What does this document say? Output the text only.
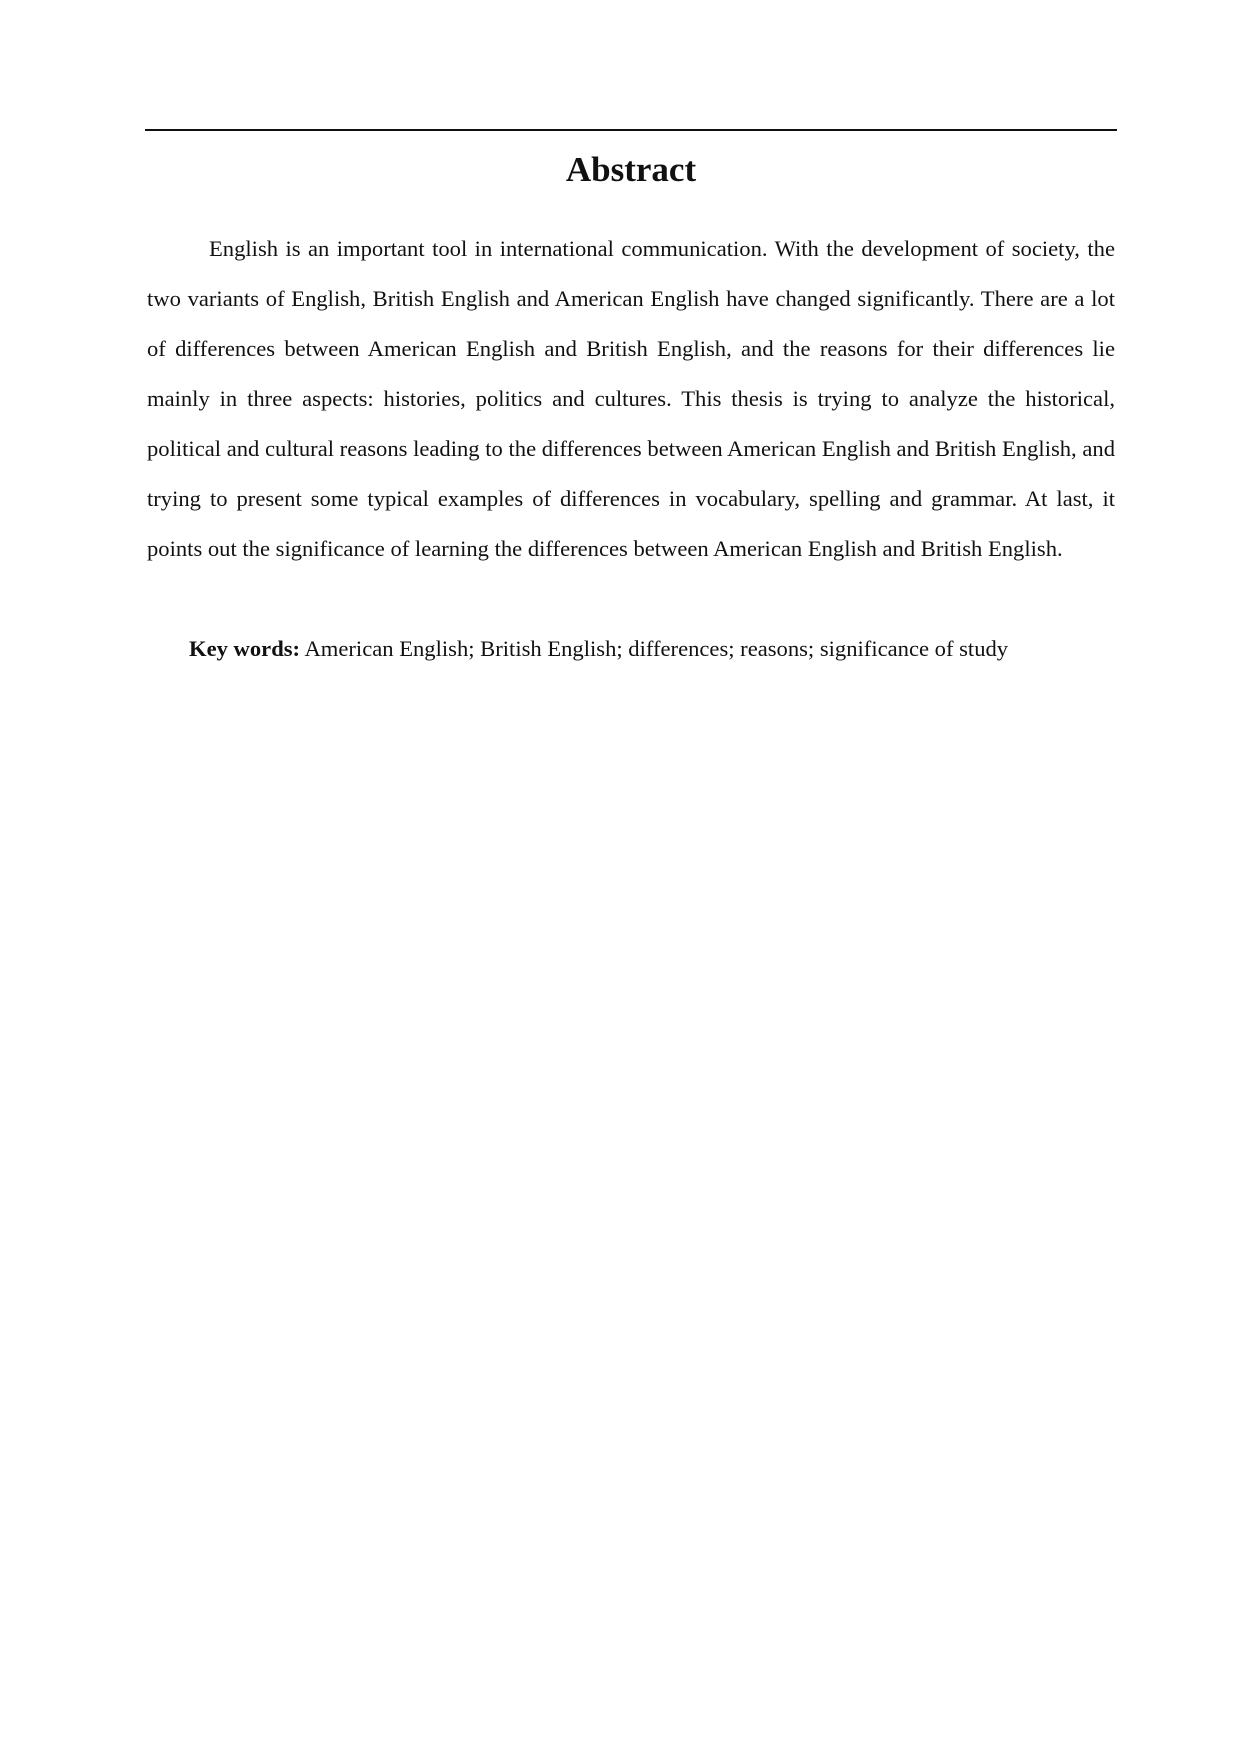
Abstract

English is an important tool in international communication. With the development of society, the two variants of English, British English and American English have changed significantly. There are a lot of differences between American English and British English, and the reasons for their differences lie mainly in three aspects: histories, politics and cultures. This thesis is trying to analyze the historical, political and cultural reasons leading to the differences between American English and British English, and trying to present some typical examples of differences in vocabulary, spelling and grammar. At last, it points out the significance of learning the differences between American English and British English.

Key words: American English; British English; differences; reasons; significance of study
